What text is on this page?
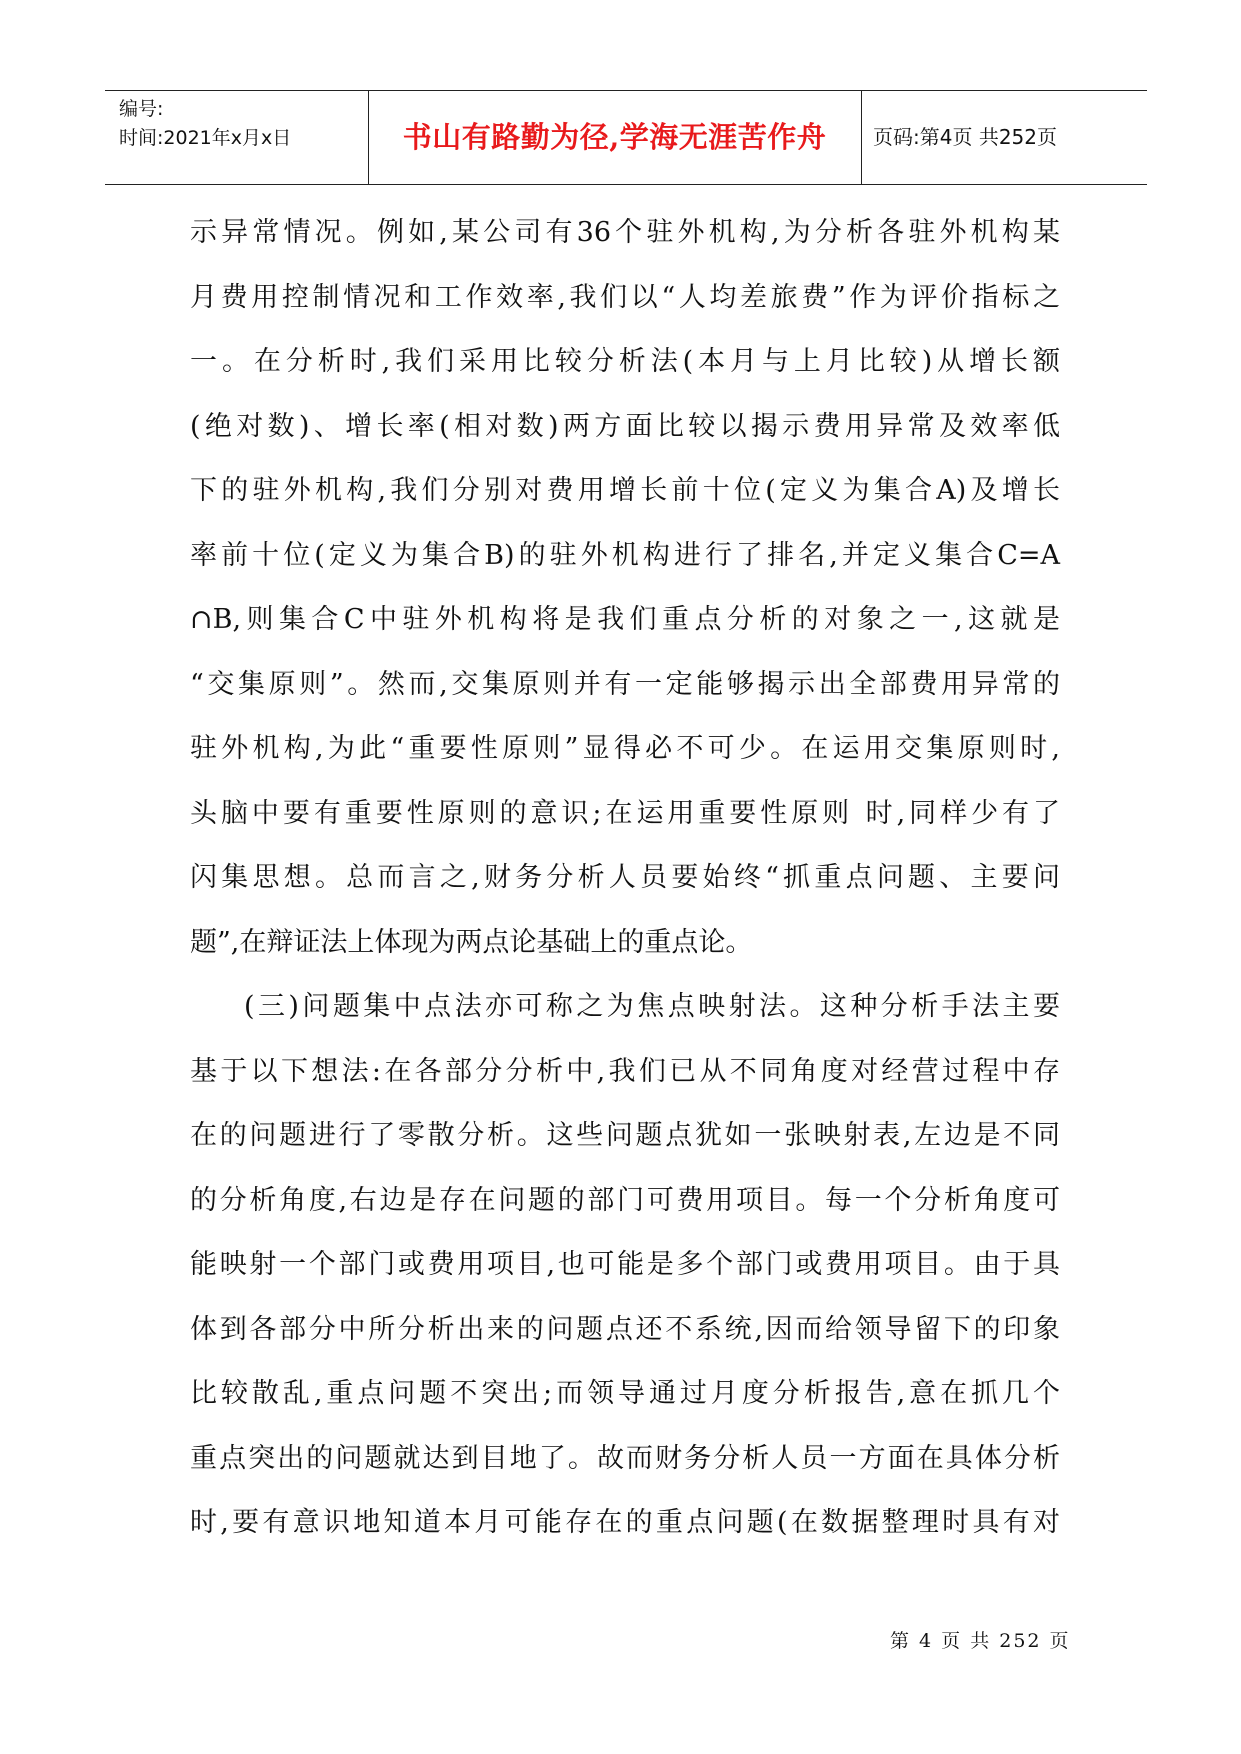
编号:
时间:2021年x月x日	书山有路勤为径,学海无涯苦作舟	页码:第4页 共252页
示异常情况。例如,某公司有36个驻外机构,为分析各驻外机构某
月费用控制情况和工作效率,我们以“人均差旅费”作为评价指标之
一。在分析时,我们采用比较分析法(本月与上月比较)从增长额
(绝对数)、增长率(相对数)两方面比较以揭示费用异常及效率低
下的驻外机构,我们分别对费用增长前十位(定义为集合A)及增长
率前十位(定义为集合B)的驻外机构进行了排名,并定义集合C=A
∩B,则集合C中驻外机构将是我们重点分析的对象之一,这就是
“交集原则”。然而,交集原则并有一定能够揭示出全部费用异常的
驻外机构,为此“重要性原则”显得必不可少。在运用交集原则时,
头脑中要有重要性原则的意识;在运用重要性原则 时,同样少有了
闪集思想。总而言之,财务分析人员要始终“抓重点问题、主要问
题”,在辩证法上体现为两点论基础上的重点论。
(三)问题集中点法亦可称之为焦点映射法。这种分析手法主要
基于以下想法:在各部分分析中,我们已从不同角度对经营过程中存
在的问题进行了零散分析。这些问题点犹如一张映射表,左边是不同
的分析角度,右边是存在问题的部门可费用项目。每一个分析角度可
能映射一个部门或费用项目,也可能是多个部门或费用项目。由于具
体到各部分中所分析出来的问题点还不系统,因而给领导留下的印象
比较散乱,重点问题不突出;而领导通过月度分析报告,意在抓几个
重点突出的问题就达到目地了。故而财务分析人员一方面在具体分析
时,要有意识地知道本月可能存在的重点问题(在数据整理时具有对
第 4 页 共 252 页
